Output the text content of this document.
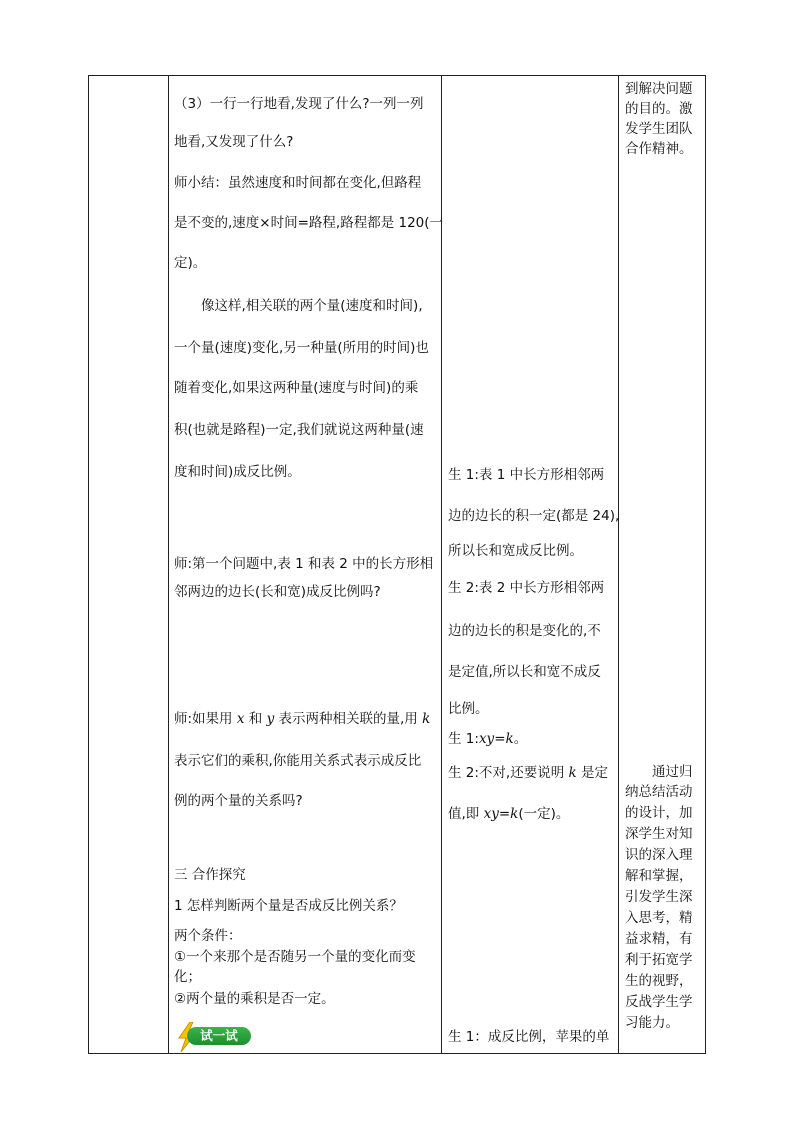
（3）一行一行地看,发现了什么?一列一列
地看,又发现了什么?
师小结：虽然速度和时间都在变化,但路程
是不变的,速度×时间=路程,路程都是 120(一
定)。
像这样,相关联的两个量(速度和时间),
一个量(速度)变化,另一种量(所用的时间)也
随着变化,如果这两种量(速度与时间)的乘
积(也就是路程)一定,我们就说这两种量(速
度和时间)成反比例。
师:第一个问题中,表 1 和表 2 中的长方形相
邻两边的边长(长和宽)成反比例吗?
师:如果用 x 和 y 表示两种相关联的量,用 k
表示它们的乘积,你能用关系式表示成反比
例的两个量的关系吗?
三 合作探究
1 怎样判断两个量是否成反比例关系？
两个条件：
①一个来那个是否随另一个量的变化而变
化；
②两个量的乘积是否一定。
试一试
生 1:表 1 中长方形相邻两
边的边长的积一定(都是 24),
所以长和宽成反比例。
生 2:表 2 中长方形相邻两
边的边长的积是变化的,不
是定值,所以长和宽不成反
比例。
生 1:xy=k。
生 2:不对,还要说明 k 是定
值,即 xy=k(一定)。
生 1：成反比例，苹果的单
到解决问题
的目的。激
发学生团队
合作精神。
通过归
纳总结活动
的设计，加
深学生对知
识的深入理
解和掌握，
引发学生深
入思考，精
益求精，有
利于拓宽学
生的视野，
反战学生学
习能力。
